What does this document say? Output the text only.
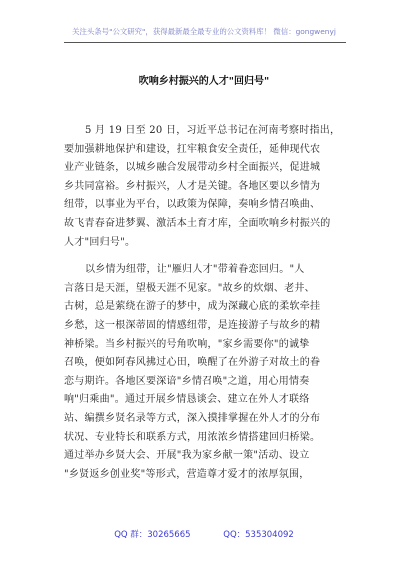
关注头条号"公文研究"，获得最新最全最专业的公文资料库！ 微信：gongwenyj
吹响乡村振兴的人才"回归号"
5 月 19 日至 20 日，习近平总书记在河南考察时指出，
要加强耕地保护和建设，扛牢粮食安全责任，延伸现代农
业产业链条，以城乡融合发展带动乡村全面振兴，促进城
乡共同富裕。乡村振兴，人才是关键。各地区要以乡情为
纽带，以事业为平台，以政策为保障，奏响乡情召唤曲、
故飞青春奋进梦翼、激活本土育才库，全面吹响乡村振兴的
人才"回归号"。
以乡情为纽带，让"雁归人才"带着眷恋回归。"人
言落日是天涯，望极天涯不见家。"故乡的炊烟、老井、
古树，总是萦绕在游子的梦中，成为深藏心底的柔软牵挂
乡愁，这一根深蒂固的情感纽带，是连接游子与故乡的精
神桥梁。当乡村振兴的号角吹响，"家乡需要你"的诚挚
召唤，便如阿春风拂过心田，唤醒了在外游子对故土的眷
恋与期许。各地区要深谙"乡情召唤"之道，用心用情奏
响"归乘曲"。通过开展乡情恳谈会、建立在外人才联络
站、编撰乡贤名录等方式，深入摸排掌握在外人才的分布
状况、专业特长和联系方式，用浓浓乡情搭建回归桥梁。
通过举办乡贤大会、开展"我为家乡献一策"活动、设立
"乡贤返乡创业奖"等形式，营造尊才爱才的浓厚氛围，
QQ 群：30265665	QQ：535304092
